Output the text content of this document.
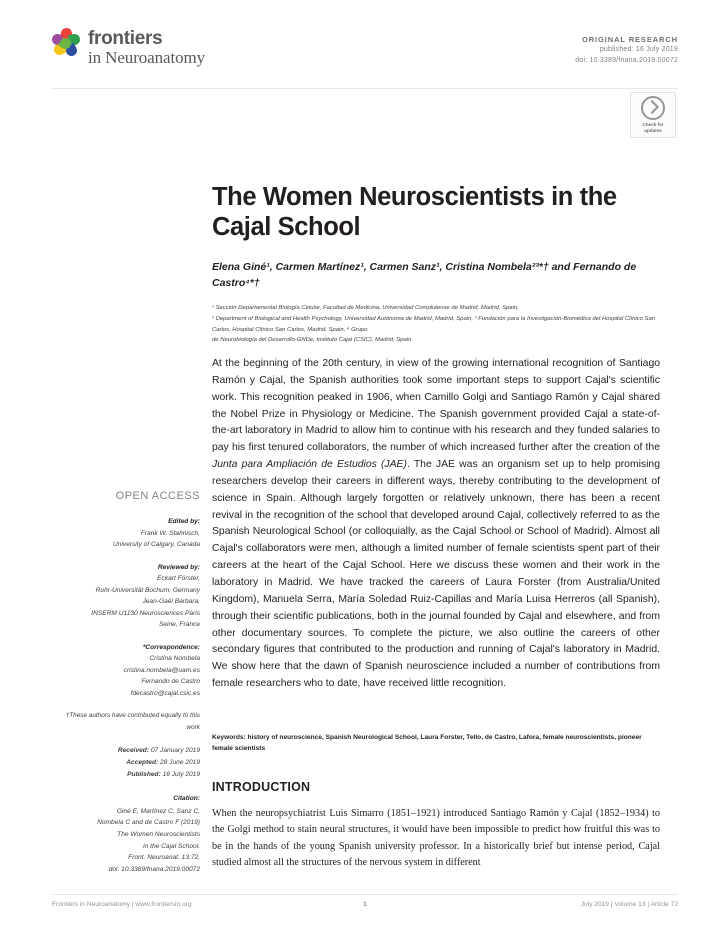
frontiers
in Neuroanatomy
ORIGINAL RESEARCH
published: 16 July 2019
doi: 10.3389/fnana.2019.00072
Check for updates
The Women Neuroscientists in the Cajal School
Elena Giné¹, Carmen Martínez¹, Carmen Sanz¹, Cristina Nombela²³*† and Fernando de Castro⁴*†
¹ Sección Departamental Biología Celular, Facultad de Medicina, Universidad Complutense de Madrid, Madrid, Spain,
² Department of Biological and Health Psychology, Universidad Autónoma de Madrid, Madrid, Spain, ³ Fundación para la Investigación-Biomédica del Hospital Clínico San Carlos, Hospital Clínico San Carlos, Madrid, Spain, ⁴ Grupo
de Neurobiología del Desarrollo-GNDe, Instituto Cajal (CSIC), Madrid, Spain
At the beginning of the 20th century, in view of the growing international recognition of Santiago Ramón y Cajal, the Spanish authorities took some important steps to support Cajal's scientific work. This recognition peaked in 1906, when Camillo Golgi and Santiago Ramón y Cajal shared the Nobel Prize in Physiology or Medicine. The Spanish government provided Cajal a state-of-the-art laboratory in Madrid to allow him to continue with his research and they funded salaries to pay his first tenured collaborators, the number of which increased further after the creation of the Junta para Ampliación de Estudios (JAE). The JAE was an organism set up to help promising researchers develop their careers in different ways, thereby contributing to the development of science in Spain. Although largely forgotten or relatively unknown, there has been a recent revival in the recognition of the school that developed around Cajal, collectively referred to as the Spanish Neurological School (or colloquially, as the Cajal School or School of Madrid). Almost all Cajal's collaborators were men, although a limited number of female scientists spent part of their careers at the heart of the Cajal School. Here we discuss these women and their work in the laboratory in Madrid. We have tracked the careers of Laura Forster (from Australia/United Kingdom), Manuela Serra, María Soledad Ruiz-Capillas and María Luisa Herreros (all Spanish), through their scientific publications, both in the journal founded by Cajal and elsewhere, and from other documentary sources. To complete the picture, we also outline the careers of other secondary figures that contributed to the production and running of Cajal's laboratory in Madrid. We show here that the dawn of Spanish neuroscience included a number of contributions from female researchers who to date, have received little recognition.
Keywords: history of neuroscience, Spanish Neurological School, Laura Forster, Tello, de Castro, Lafora, female neuroscientists, pioneer female scientists
INTRODUCTION
When the neuropsychiatrist Luis Simarro (1851–1921) introduced Santiago Ramón y Cajal (1852–1934) to the Golgi method to stain neural structures, it would have been impossible to predict how fruitful this was to be in the hands of the young Spanish university professor. In a historically brief but intense period, Cajal studied almost all the structures of the nervous system in different
OPEN ACCESS
Edited by:
Frank W. Stahnisch,
University of Calgary, Canada
Reviewed by:
Eckart Förster,
Ruhr-Universität Bochum, Germany
Jean-Gaël Barbara,
INSERM U1130 Neurosciences Paris
Seine, France
*Correspondence:
Cristina Nombela
cristina.nombela@uam.es
Fernando de Castro
fdecastro@cajal.csic.es
†These authors have contributed equally to this work
Received: 07 January 2019
Accepted: 28 June 2019
Published: 16 July 2019
Citation:
Giné E, Martínez C, Sanz C,
Nombela C and de Castro F (2019)
The Women Neuroscientists
in the Cajal School.
Front. Neuroanat. 13:72.
doi: 10.3389/fnana.2019.00072
Frontiers in Neuroanatomy | www.frontiersin.org	1	July 2019 | Volume 13 | Article 72
